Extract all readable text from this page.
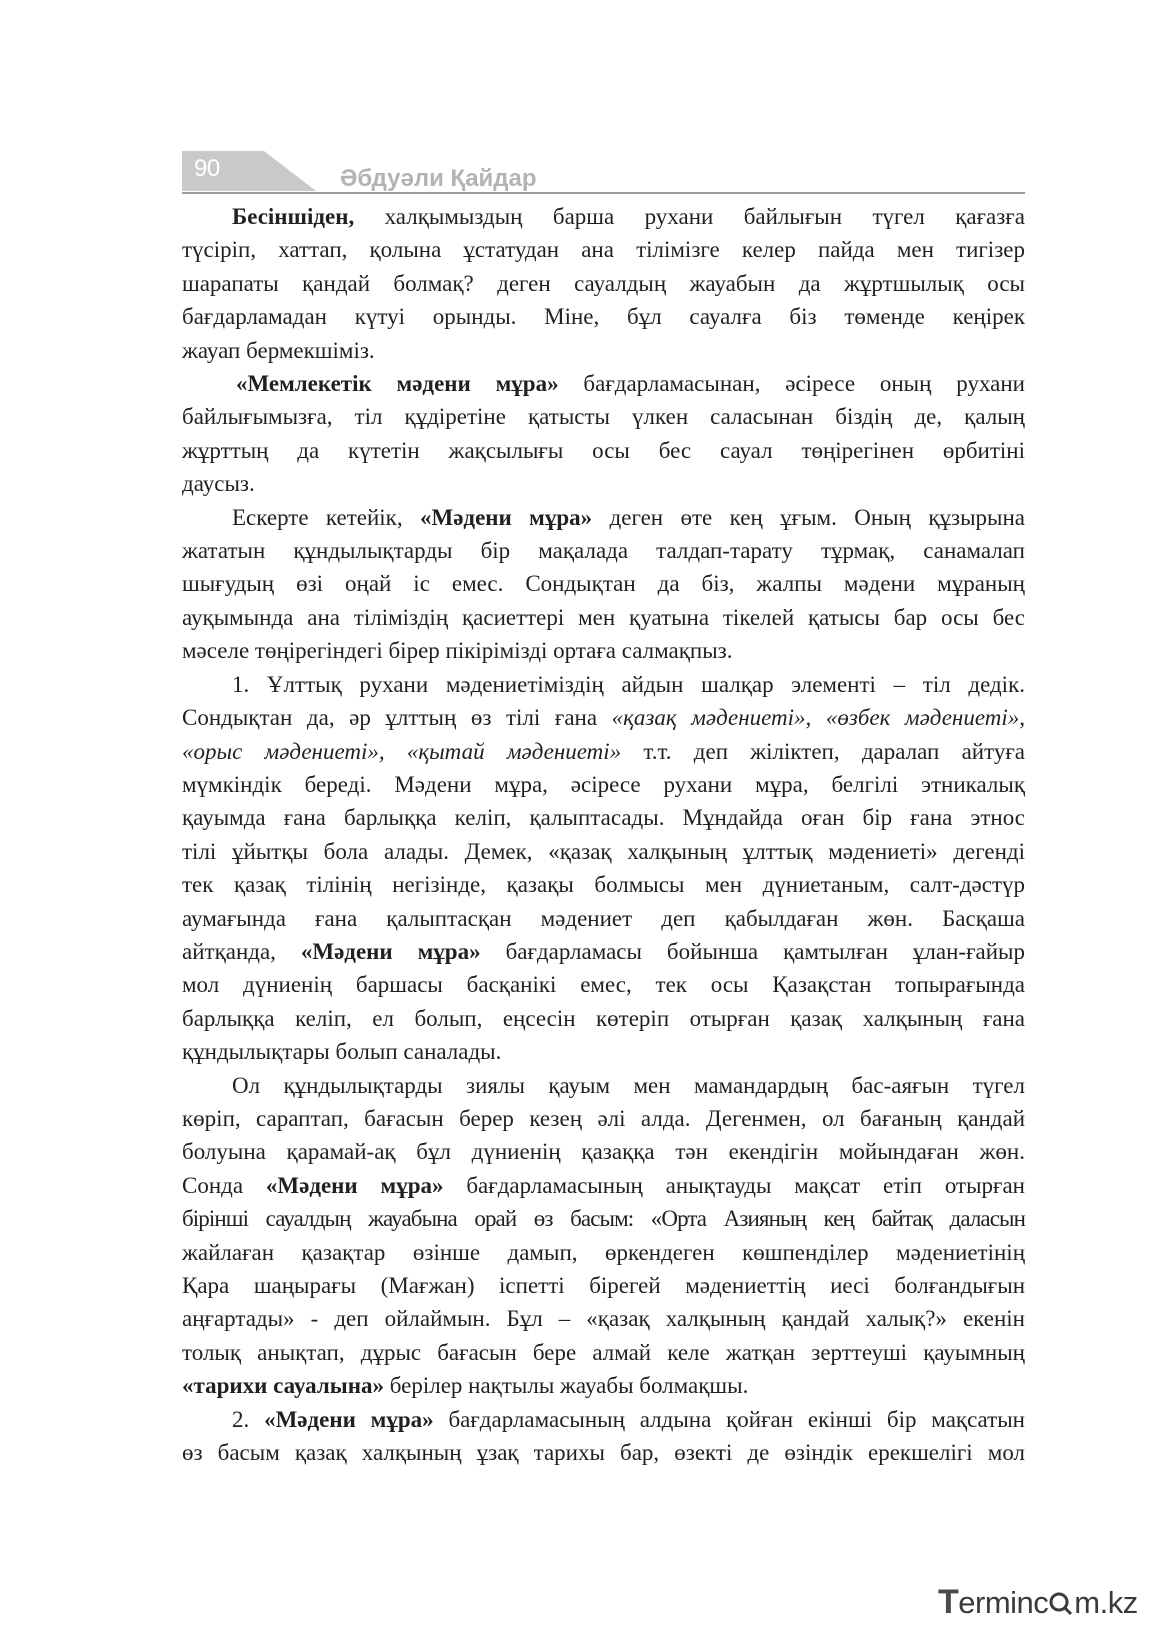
90	Әбдуәли Қайдар

Бесіншіден, халқымыздың барша рухани байлығын түгел қағазға
түсіріп, хаттап, қолына ұстатудан ана тілімізге келер пайда мен тигізер
шарапаты қандай болмақ? деген сауалдың жауабын да жұртшылық осы
бағдарламадан күтуі орынды. Міне, бұл сауалға біз төменде кеңірек
жауап бермекшіміз.

«Мемлекетік мәдени мұра» бағдарламасынан, әсіресе оның рухани
байлығымызға, тіл құдіретіне қатысты үлкен саласынан біздің де, қалың
жұрттың да күтетін жақсылығы осы бес сауал төңірегінен өрбитіні
даусыз.

Ескерте кетейік, «Мәдени мұра» деген өте кең ұғым. Оның құзырына
жататын құндылықтарды бір мақалада талдап-тарату тұрмақ, санамалап
шығудың өзі оңай іс емес. Сондықтан да біз, жалпы мәдени мұраның
ауқымында ана тіліміздің қасиеттері мен қуатына тікелей қатысы бар осы бес
мәселе төңірегіндегі бірер пікірімізді ортаға салмақпыз.

1. Ұлттық рухани мәдениетіміздің айдын шалқар элементі – тіл дедік.
Сондықтан да, әр ұлттың өз тілі ғана «қазақ мәдениеті», «өзбек мәдениеті»,
«орыс мәдениеті», «қытай мәдениеті» т.т. деп жіліктеп, даралап айтуға
мүмкіндік береді. Мәдени мұра, әсіресе рухани мұра, белгілі этникалық
қауымда ғана барлыққа келіп, қалыптасады. Мұндайда оған бір ғана этнос
тілі ұйытқы бола алады. Демек, «қазақ халқының ұлттық мәдениеті» дегенді
тек қазақ тілінің негізінде, қазақы болмысы мен дүниетаным, салт-дәстүр
аумағында ғана қалыптасқан мәдениет деп қабылдаған жөн. Басқаша
айтқанда, «Мәдени мұра» бағдарламасы бойынша қамтылған ұлан-ғайыр
мол дүниенің баршасы басқанікі емес, тек осы Қазақстан топырағында
барлыққа келіп, ел болып, еңсесін көтеріп отырған қазақ халқының ғана
құндылықтары болып саналады.

Ол құндылықтарды зиялы қауым мен мамандардың бас-аяғын түгел
көріп, сараптап, бағасын берер кезең әлі алда. Дегенмен, ол бағаның қандай
болуына қарамай-ақ бұл дүниенің қазаққа тән екендігін мойындаған жөн.
Сонда «Мәдени мұра» бағдарламасының анықтауды мақсат етіп отырған
бірінші сауалдың жауабына орай өз басым: «Орта Азияның кең байтақ даласын
жайлаған қазақтар өзінше дамып, өркендеген көшпенділер мәдениетінің
Қара шаңырағы (Мағжан) іспетті бірегей мәдениеттің иесі болғандығын
аңғартады» - деп ойлаймын. Бұл – «қазақ халқының қандай халық?» екенін
толық анықтап, дұрыс бағасын бере алмай келе жатқан зерттеуші қауымның
«тарихи сауалына» берілер нақтылы жауабы болмақшы.

2. «Мәдени мұра» бағдарламасының алдына қойған екінші бір мақсатын
өз басым қазақ халқының ұзақ тарихы бар, өзекті де өзіндік ерекшелігі мол

Terminc m.kz
